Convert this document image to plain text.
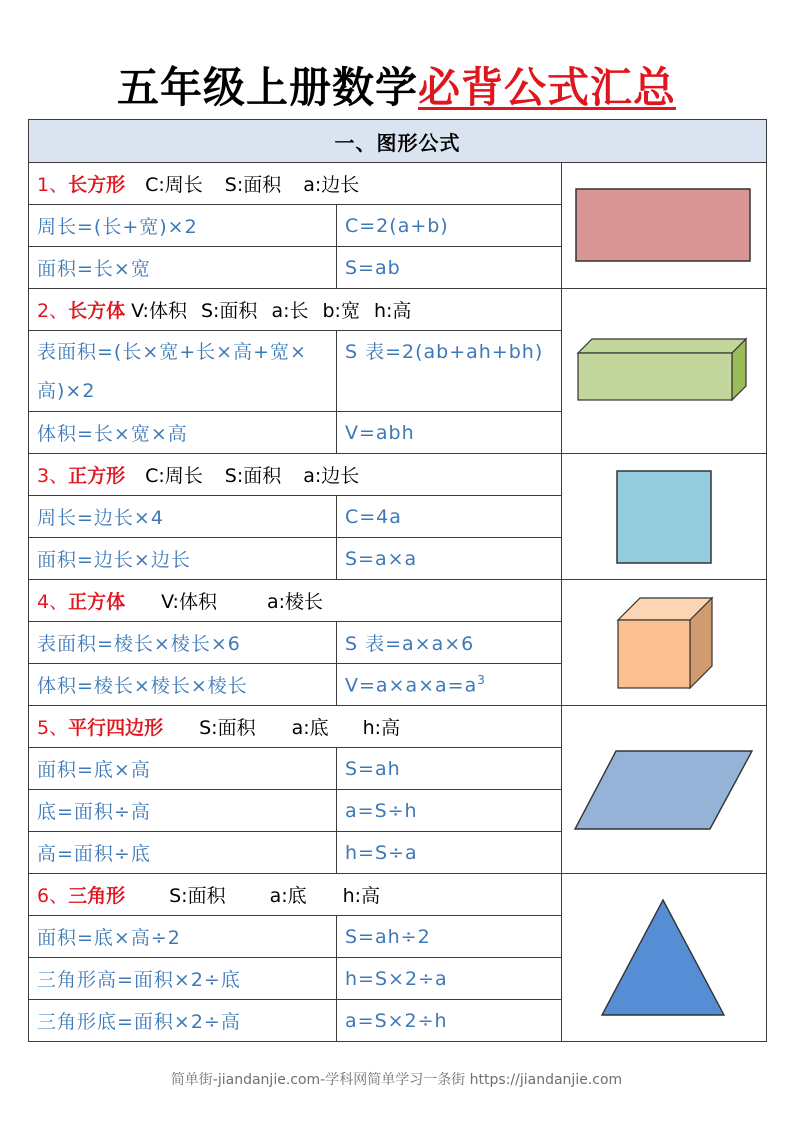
五年级上册数学必背公式汇总
一、图形公式		
1、长方形 C:周长 S:面积 a:边长	

周长=(长+宽)×2	C=2(a+b)	
面积=长×宽	S=ab	
2、长方体 V:体积 S:面积 a:长 b:宽 h:高	

表面积=(长×宽+长×高+宽×高)×2	S 表=2(ab+ah+bh)	
体积=长×宽×高	V=abh	
3、正方形 C:周长 S:面积 a:边长	

周长=边长×4	C=4a	
面积=边长×边长	S=a×a	
4、正方体 V:体积 a:棱长	

表面积=棱长×棱长×6	S 表=a×a×6	
体积=棱长×棱长×棱长	$V=a\times a\times a=a^3$
5、平行四边形 S:面积 a:底 h:高	

面积=底×高	S=ah	
底=面积÷高	a=S÷h	
高=面积÷底	h=S÷a	
6、三角形 S:面积 a:底 h:高	

面积=底×高÷2	S=ah÷2	
三角形高=面积×2÷底	h=S×2÷a	
三角形底=面积×2÷高	a=S×2÷h	
简单街-jiandanjie.com-学科网简单学习一条街 https://jiandanjie.com
